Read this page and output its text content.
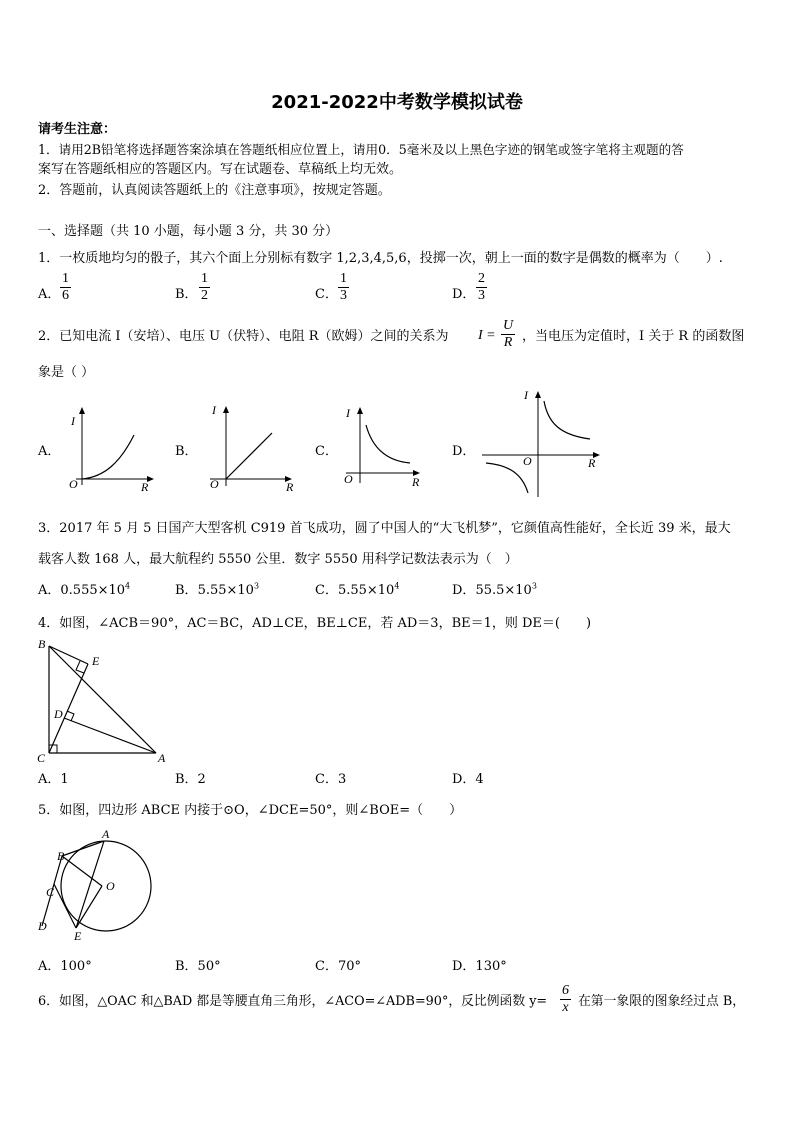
2021-2022中考数学模拟试卷
请考生注意：
1．请用2B铅笔将选择题答案涂填在答题纸相应位置上，请用0．5毫米及以上黑色字迹的钢笔或签字笔将主观题的答
案写在答题纸相应的答题区内。写在试题卷、草稿纸上均无效。
2．答题前，认真阅读答题纸上的《注意事项》，按规定答题。
一、选择题（共 10 小题，每小题 3 分，共 30 分）
1．一枚质地均匀的骰子，其六个面上分别标有数字 1,2,3,4,5,6，投掷一次，朝上一面的数字是偶数的概率为（　　）.
A． $\frac{1}{6}$	B． $\frac{1}{2}$	C． $\frac{1}{3}$	D． $\frac{2}{3}$
2．已知电流 I（安培）、电压 U（伏特）、电阻 R（欧姆）之间的关系为 $I = \frac{U}{R}$ ，当电压为定值时，I 关于 R 的函数图
象是（ ）
A．	B．	C．	D．
I
O	R
I
O	R
I
O	R
I
O	R
3．2017 年 5 月 5 日国产大型客机 C919 首飞成功，圆了中国人的“大飞机梦”，它颜值高性能好，全长近 39 米，最大
载客人数 168 人，最大航程约 5550 公里．数字 5550 用科学记数法表示为（　）
A．$0.555\times 10^4$	B．$5.55\times 10^3$	C．$5.55\times 10^4$	D．$55.5\times 10^3$
4．如图，∠ACB＝90°，AC＝BC，AD⊥CE，BE⊥CE，若 AD＝3，BE＝1，则 DE＝(　　)
B
E
D
C	A
A．1	B．2	C．3	D．4
5．如图，四边形 ABCE 内接于⊙O，∠DCE=50°，则∠BOE=（　　）
A
B
C	O
D
E
A．100°	B．50°	C．70°	D．130°
6．如图，△OAC 和△BAD 都是等腰直角三角形，∠ACO=∠ADB=90°，反比例函数 $y= \frac{6}{x}$ 在第一象限的图象经过点 B，
